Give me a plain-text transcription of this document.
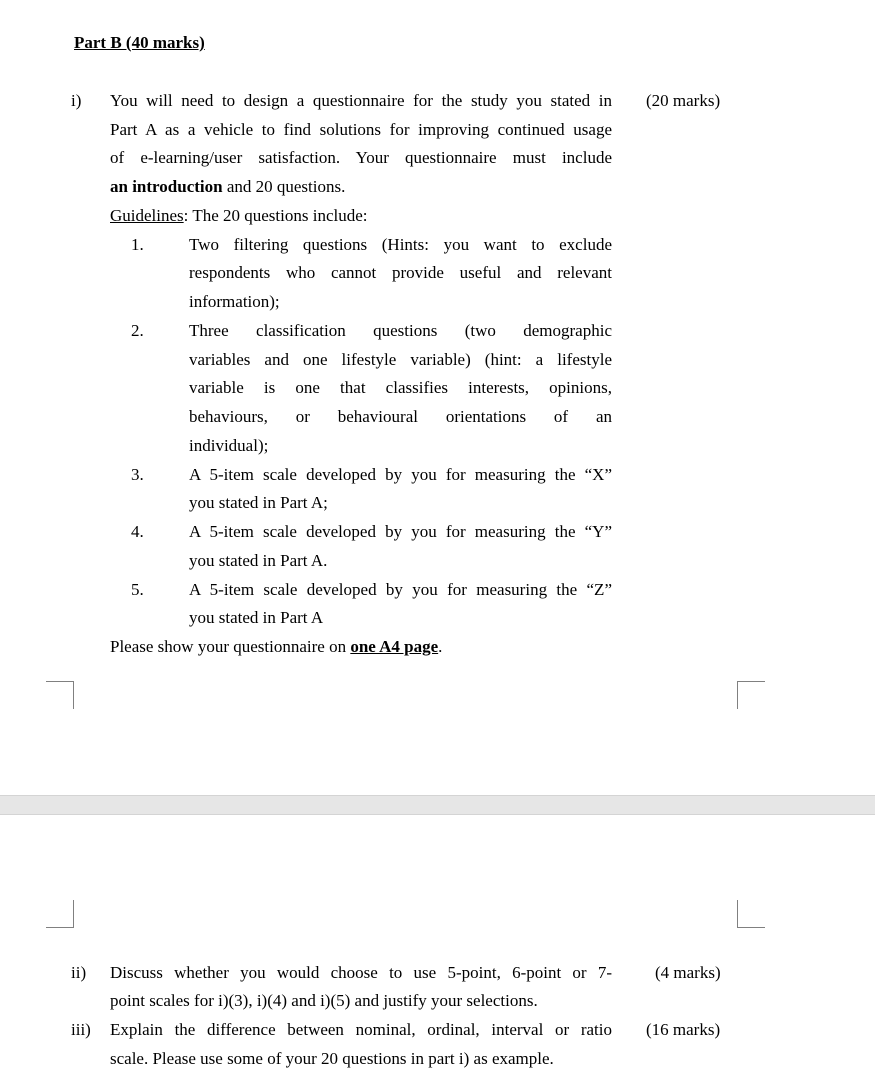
Part B (40 marks)
i)	(20 marks)
You will need to design a questionnaire for the study you stated in
Part A as a vehicle to find solutions for improving continued usage
of e-learning/user satisfaction. Your questionnaire must include
an introduction and 20 questions.
Guidelines: The 20 questions include:
1.	Two filtering questions (Hints: you want to exclude
respondents who cannot provide useful and relevant
information);
2.	Three classification questions (two demographic
variables and one lifestyle variable) (hint: a lifestyle
variable is one that classifies interests, opinions,
behaviours, or behavioural orientations of an
individual);
3.	A 5-item scale developed by you for measuring the “X”
you stated in Part A;
4.	A 5-item scale developed by you for measuring the “Y”
you stated in Part A.
5.	A 5-item scale developed by you for measuring the “Z”
you stated in Part A
Please show your questionnaire on one A4 page.
ii)	(4 marks)
Discuss whether you would choose to use 5-point, 6-point or 7-
point scales for i)(3), i)(4) and i)(5) and justify your selections.
iii)	(16 marks)
Explain the difference between nominal, ordinal, interval or ratio
scale. Please use some of your 20 questions in part i) as example.
